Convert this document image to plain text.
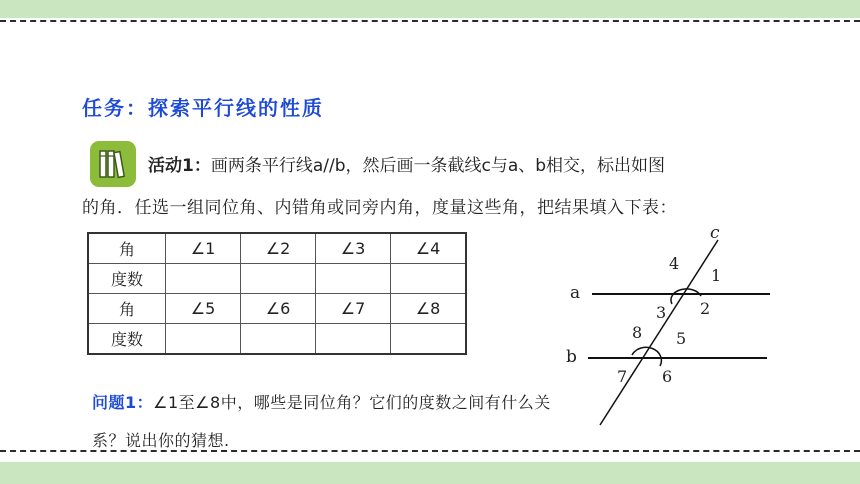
任务：探索平行线的性质
活动1：画两条平行线a//b，然后画一条截线c与a、b相交，标出如图
的角．任选一组同位角、内错角或同旁内角，度量这些角，把结果填入下表：
角	∠1	∠2	∠3	∠4
度数				
角	∠5	∠6	∠7	∠8
度数				
问题1：∠1至∠8中，哪些是同位角？它们的度数之间有什么关系？说出你的猜想.
c
a
b
1
2
3
4
5
6
7
8
